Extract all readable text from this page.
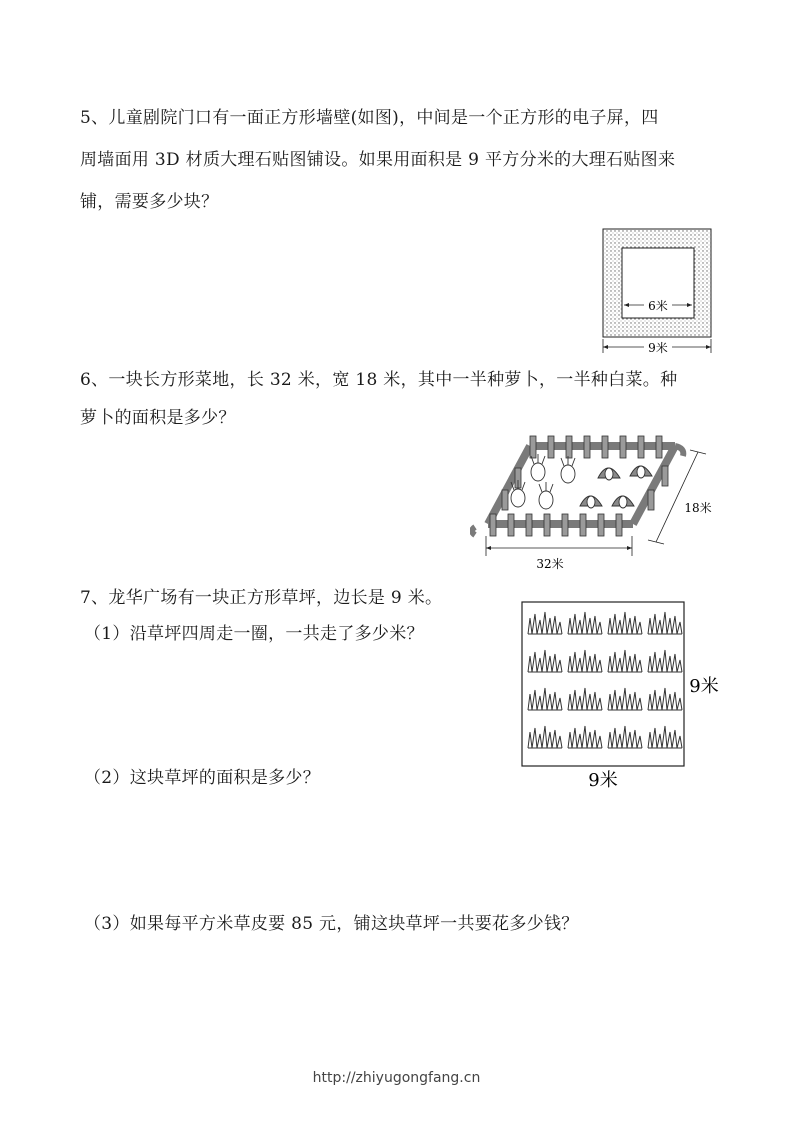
5、儿童剧院门口有一面正方形墙壁(如图)，中间是一个正方形的电子屏，四
周墙面用 3D 材质大理石贴图铺设。如果用面积是 9 平方分米的大理石贴图来
铺，需要多少块？
6米
9米
6、一块长方形菜地，长 32 米，宽 18 米，其中一半种萝卜，一半种白菜。种
萝卜的面积是多少？
32米
18米
7、龙华广场有一块正方形草坪，边长是 9 米。
（1）沿草坪四周走一圈，一共走了多少米？
（2）这块草坪的面积是多少？
（3）如果每平方米草皮要 85 元，铺这块草坪一共要花多少钱？
9米
9米
http://zhiyugongfang.cn
